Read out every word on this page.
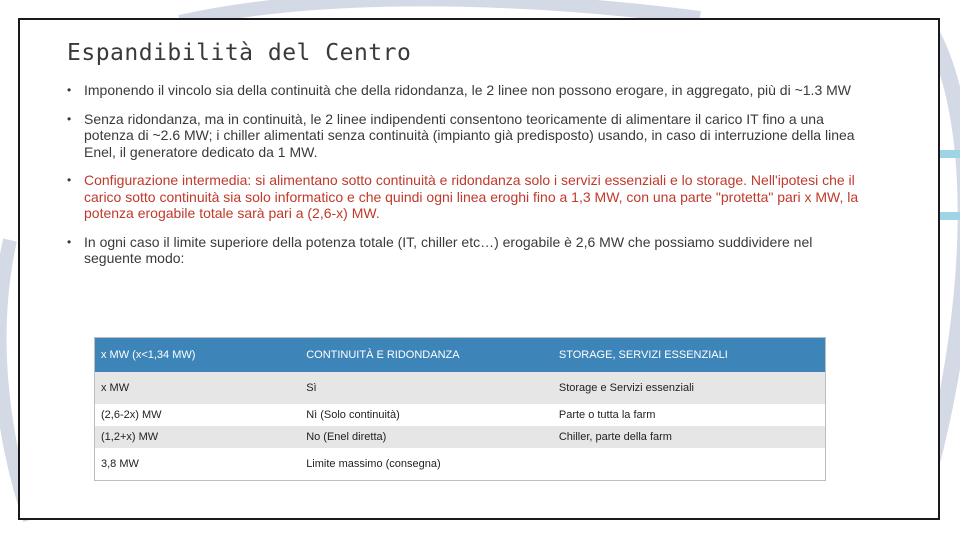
Espandibilità del Centro
• Imponendo il vincolo sia della continuità che della ridondanza, le 2 linee non possono erogare, in aggregato, più di ~1.3 MW
• Senza ridondanza, ma in continuità, le 2 linee indipendenti consentono teoricamente di alimentare il carico IT fino a una potenza di ~2.6 MW; i chiller alimentati senza continuità (impianto già predisposto) usando, in caso di interruzione della linea Enel, il generatore dedicato da 1 MW.
• Configurazione intermedia: si alimentano sotto continuità e ridondanza solo i servizi essenziali e lo storage. Nell'ipotesi che il carico sotto continuità sia solo informatico e che quindi ogni linea eroghi fino a 1,3 MW, con una parte "protetta" pari x MW, la potenza erogabile totale sarà pari a (2,6-x) MW.
• In ogni caso il limite superiore della potenza totale (IT, chiller etc…) erogabile è 2,6 MW che possiamo suddividere nel seguente modo:
x MW (x<1,34 MW)	CONTINUITÀ E RIDONDANZA	STORAGE, SERVIZI ESSENZIALI
x MW	Sì	Storage e Servizi essenziali
(2,6-2x) MW	Nì (Solo continuità)	Parte o tutta la farm
(1,2+x) MW	No (Enel diretta)	Chiller, parte della farm
3,8 MW	Limite massimo (consegna)	
